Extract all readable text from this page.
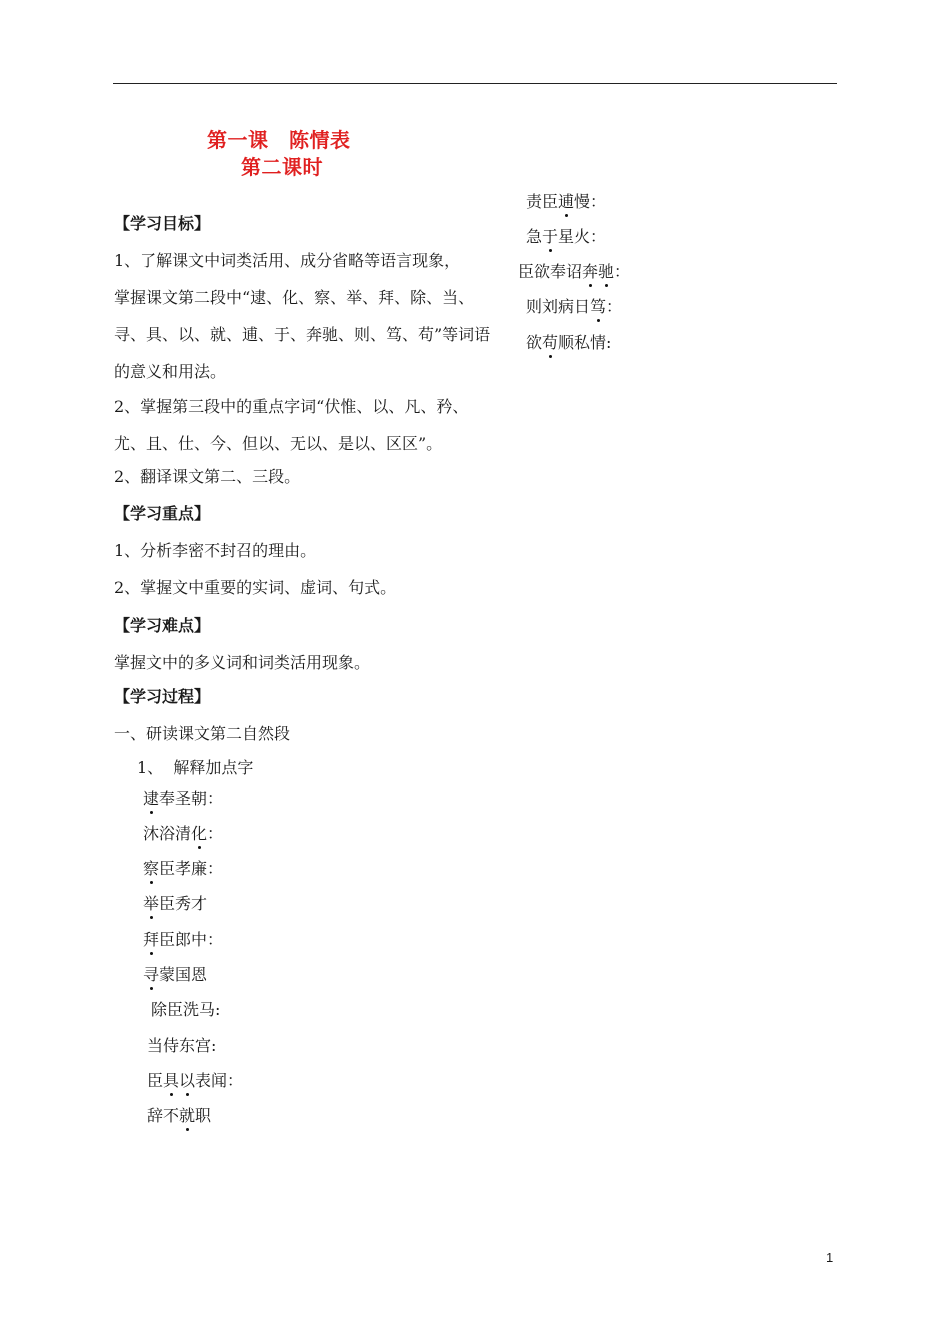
第一课　陈情表
第二课时
【学习目标】
1、了解课文中词类活用、成分省略等语言现象，
掌握课文第二段中“逮、化、察、举、拜、除、当、
寻、具、以、就、逋、于、奔驰、则、笃、苟”等词语
的意义和用法。
2、掌握第三段中的重点字词“伏惟、以、凡、矜、
尤、且、仕、今、但以、无以、是以、区区”。
2、翻译课文第二、三段。
【学习重点】
1、分析李密不封召的理由。
2、掌握文中重要的实词、虚词、句式。
【学习难点】
掌握文中的多义词和词类活用现象。
【学习过程】
一、研读课文第二自然段
1、  解释加点字
逮奉圣朝：
沐浴清化：
察臣孝廉：
举臣秀才
拜臣郎中：
寻蒙国恩
除臣洗马:
当侍东宫:
臣具以表闻：
辞不就职
责臣逋慢：
急于星火：
臣欲奉诏奔驰：
则刘病日笃：
欲苟顺私情:
1
